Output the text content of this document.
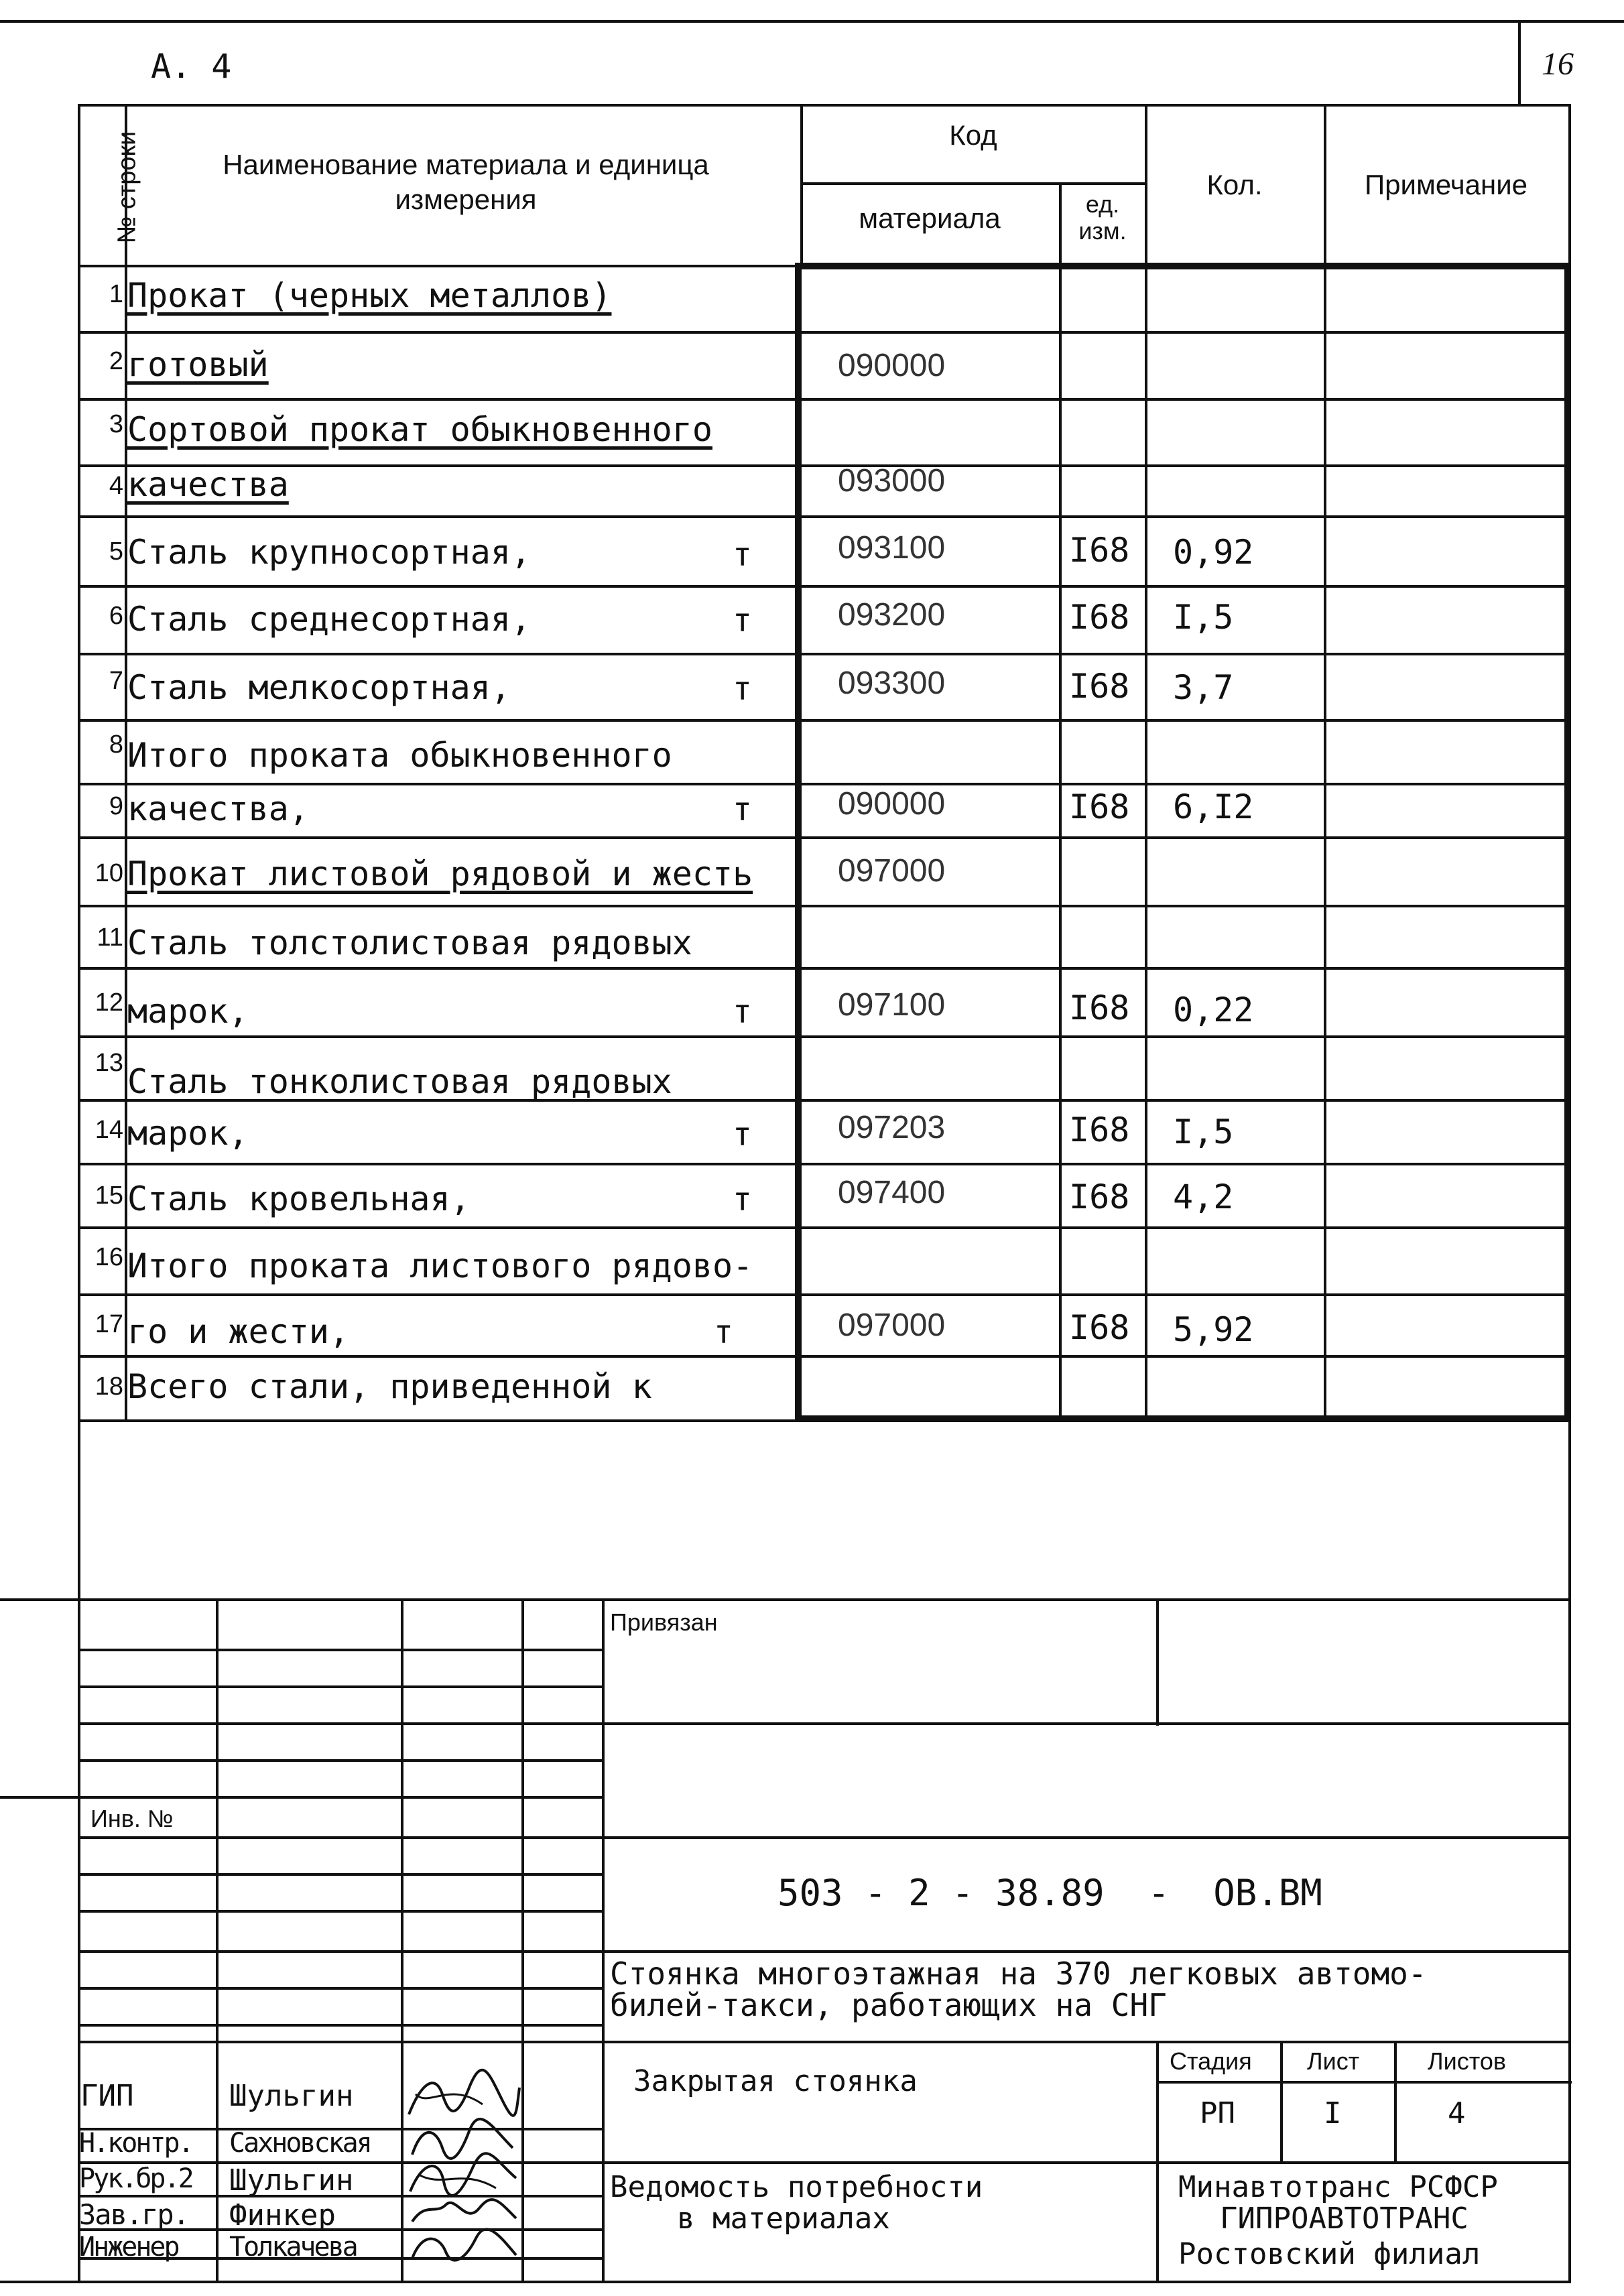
А. 4	16
№ строки	Наименование материала и единица измерения
Код
материала	ед. изм.
Кол.	Примечание
1 Прокат (черных металлов)
2 готовый	090000
3 Сортовой прокат обыкновенного
4 качества	093000
5 Сталь крупносортная,	т	093100	I68 0,92
6 Сталь среднесортная,	т	093200	I68 I,5
7 Сталь мелкосортная,	т	093300	I68 3,7
8 Итого проката обыкновенного
9 качества,	т	090000	I68 6,I2
10 Прокат листовой рядовой и жесть	097000
11 Сталь толстолистовая рядовых
12 марок,	т	097100	I68 0,22
13 Сталь тонколистовая рядовых
14 марок,	т	097203	I68 I,5
15 Сталь кровельная,	т	097400	I68 4,2
16 Итого проката листового рядово-
17 го и жести,	т	097000	I68 5,92
18 Всего стали, приведенной к
Привязан
Инв. №
503 - 2 - 38.89  -  ОВ.ВМ
Стоянка многоэтажная на 370 легковых автомо-
билей-такси, работающих на СНГ
Закрытая стоянка
Стадия Лист	Листов
РП	I	4
Ведомость потребности
в материалах
Минавтотранс РСФСР
ГИПРОАВТОТРАНС
Ростовский филиал
ГИП	Шульгин
Н.контр. Сахновская
Рук.бр.2 Шульгин
Зав.гр. Финкер
Инженер Толкачева
